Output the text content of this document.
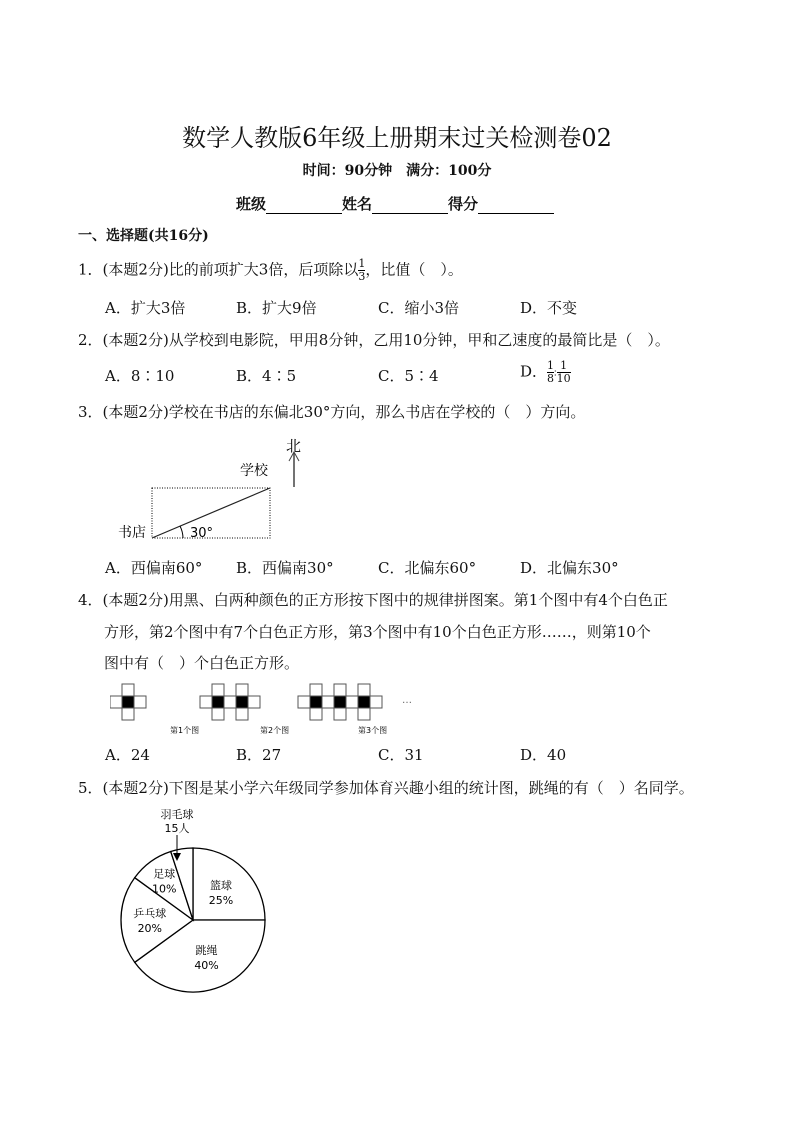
数学人教版6年级上册期末过关检测卷02
时间：90分钟　满分：100分
班级	姓名	得分
一、选择题(共16分)
1．(本题2分)比的前项扩大3倍，后项除以 $\frac{1}{3}$ ，比值（　）。
A．扩大3倍	B．扩大9倍	C．缩小3倍	D．不变
2．(本题2分)从学校到电影院，甲用8分钟，乙用10分钟，甲和乙速度的最简比是（　）。
A．8∶10	B．4∶5	C．5∶4	D． $\frac{1}{8}$ ∶ $\frac{1}{10}$
3．(本题2分)学校在书店的东偏北30°方向，那么书店在学校的（　）方向。
北
学校
书店	30°
A．西偏南60° B．西偏南30°	C．北偏东60°	D．北偏东30°
4．(本题2分)用黑、白两种颜色的正方形按下图中的规律拼图案。第1个图中有4个白色正
方形，第2个图中有7个白色正方形，第3个图中有10个白色正方形……，则第10个
图中有（　）个白色正方形。
第1个图	第2个图	第3个图
…
A．24	B．27	C．31	D．40
5．(本题2分)下图是某小学六年级同学参加体育兴趣小组的统计图，跳绳的有（　）名同学。
篮球
25%
跳绳
40%
乒乓球
20%
足球
10%
羽毛球
15人
